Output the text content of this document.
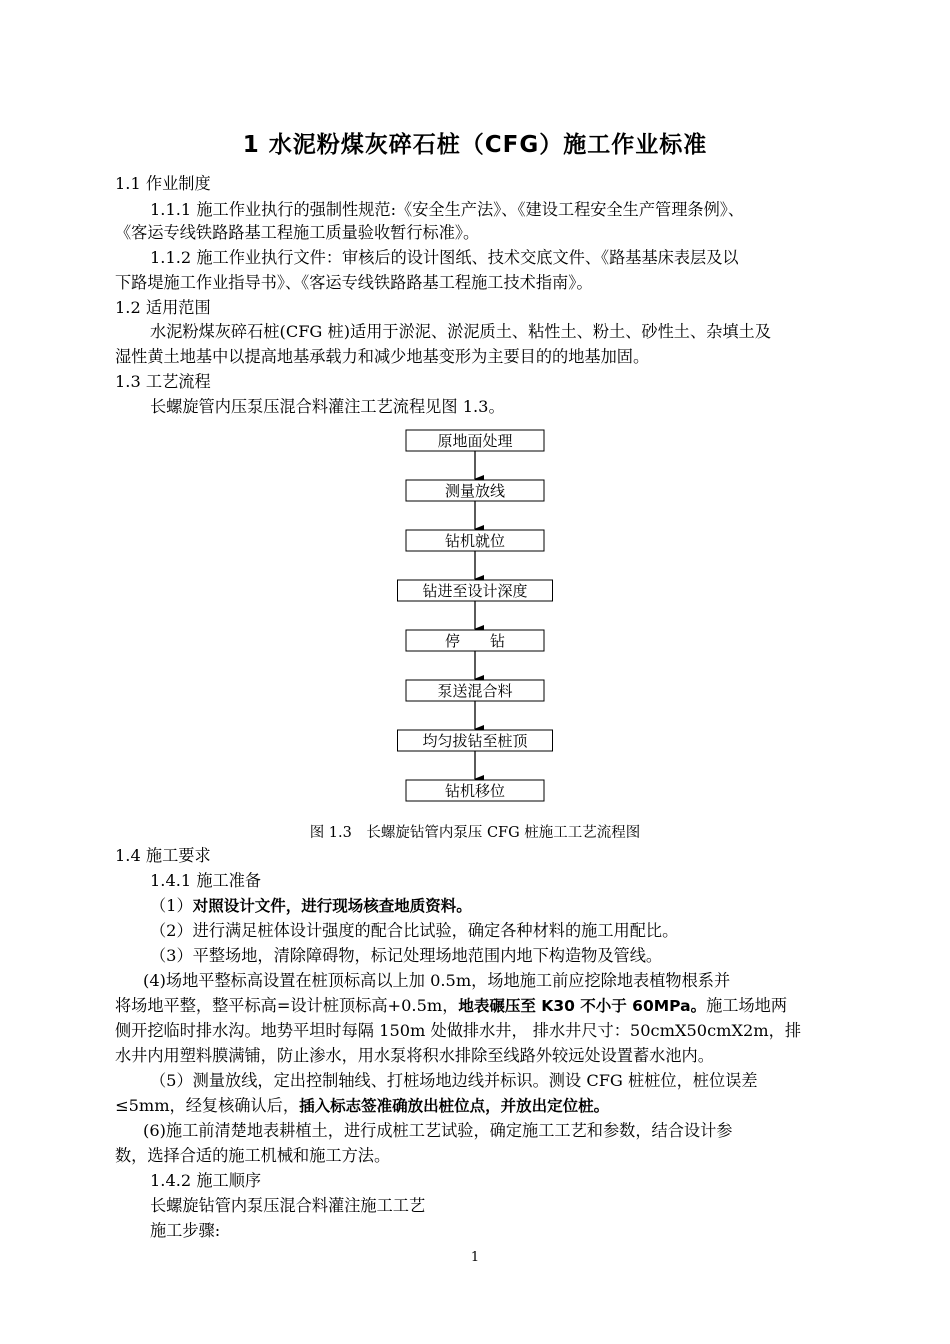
1 水泥粉煤灰碎石桩（CFG）施工作业标准
1.1 作业制度
1.1.1 施工作业执行的强制性规范:《安全生产法》、《建设工程安全生产管理条例》、
《客运专线铁路路基工程施工质量验收暂行标准》。
1.1.2 施工作业执行文件：审核后的设计图纸、技术交底文件、《路基基床表层及以
下路堤施工作业指导书》、《客运专线铁路路基工程施工技术指南》。
1.2 适用范围
水泥粉煤灰碎石桩(CFG 桩)适用于淤泥、淤泥质土、粘性土、粉土、砂性土、杂填土及
湿性黄土地基中以提高地基承载力和减少地基变形为主要目的的地基加固。
1.3 工艺流程
长螺旋管内压泵压混合料灌注工艺流程见图 1.3。
原地面处理
测量放线
钻机就位
钻进至设计深度
停　　钻
泵送混合料
均匀拔钻至桩顶
钻机移位
图 1.3　长螺旋钻管内泵压 CFG 桩施工工艺流程图
1.4 施工要求
1.4.1 施工准备
（1）对照设计文件，进行现场核查地质资料。
（2）进行满足桩体设计强度的配合比试验，确定各种材料的施工用配比。
（3）平整场地，清除障碍物，标记处理场地范围内地下构造物及管线。
(4)场地平整标高设置在桩顶标高以上加 0.5m，场地施工前应挖除地表植物根系并
将场地平整，整平标高=设计桩顶标高+0.5m，地表碾压至 K30 不小于 60MPa。施工场地两
侧开挖临时排水沟。地势平坦时每隔 150m 处做排水井， 排水井尺寸：50cmX50cmX2m，排
水井内用塑料膜满铺，防止渗水，用水泵将积水排除至线路外较远处设置蓄水池内。
（5）测量放线，定出控制轴线、打桩场地边线并标识。测设 CFG 桩桩位，桩位误差
≤5mm，经复核确认后，插入标志签准确放出桩位点，并放出定位桩。
(6)施工前清楚地表耕植土，进行成桩工艺试验，确定施工工艺和参数，结合设计参
数，选择合适的施工机械和施工方法。
1.4.2 施工顺序
长螺旋钻管内泵压混合料灌注施工工艺
施工步骤:
1
